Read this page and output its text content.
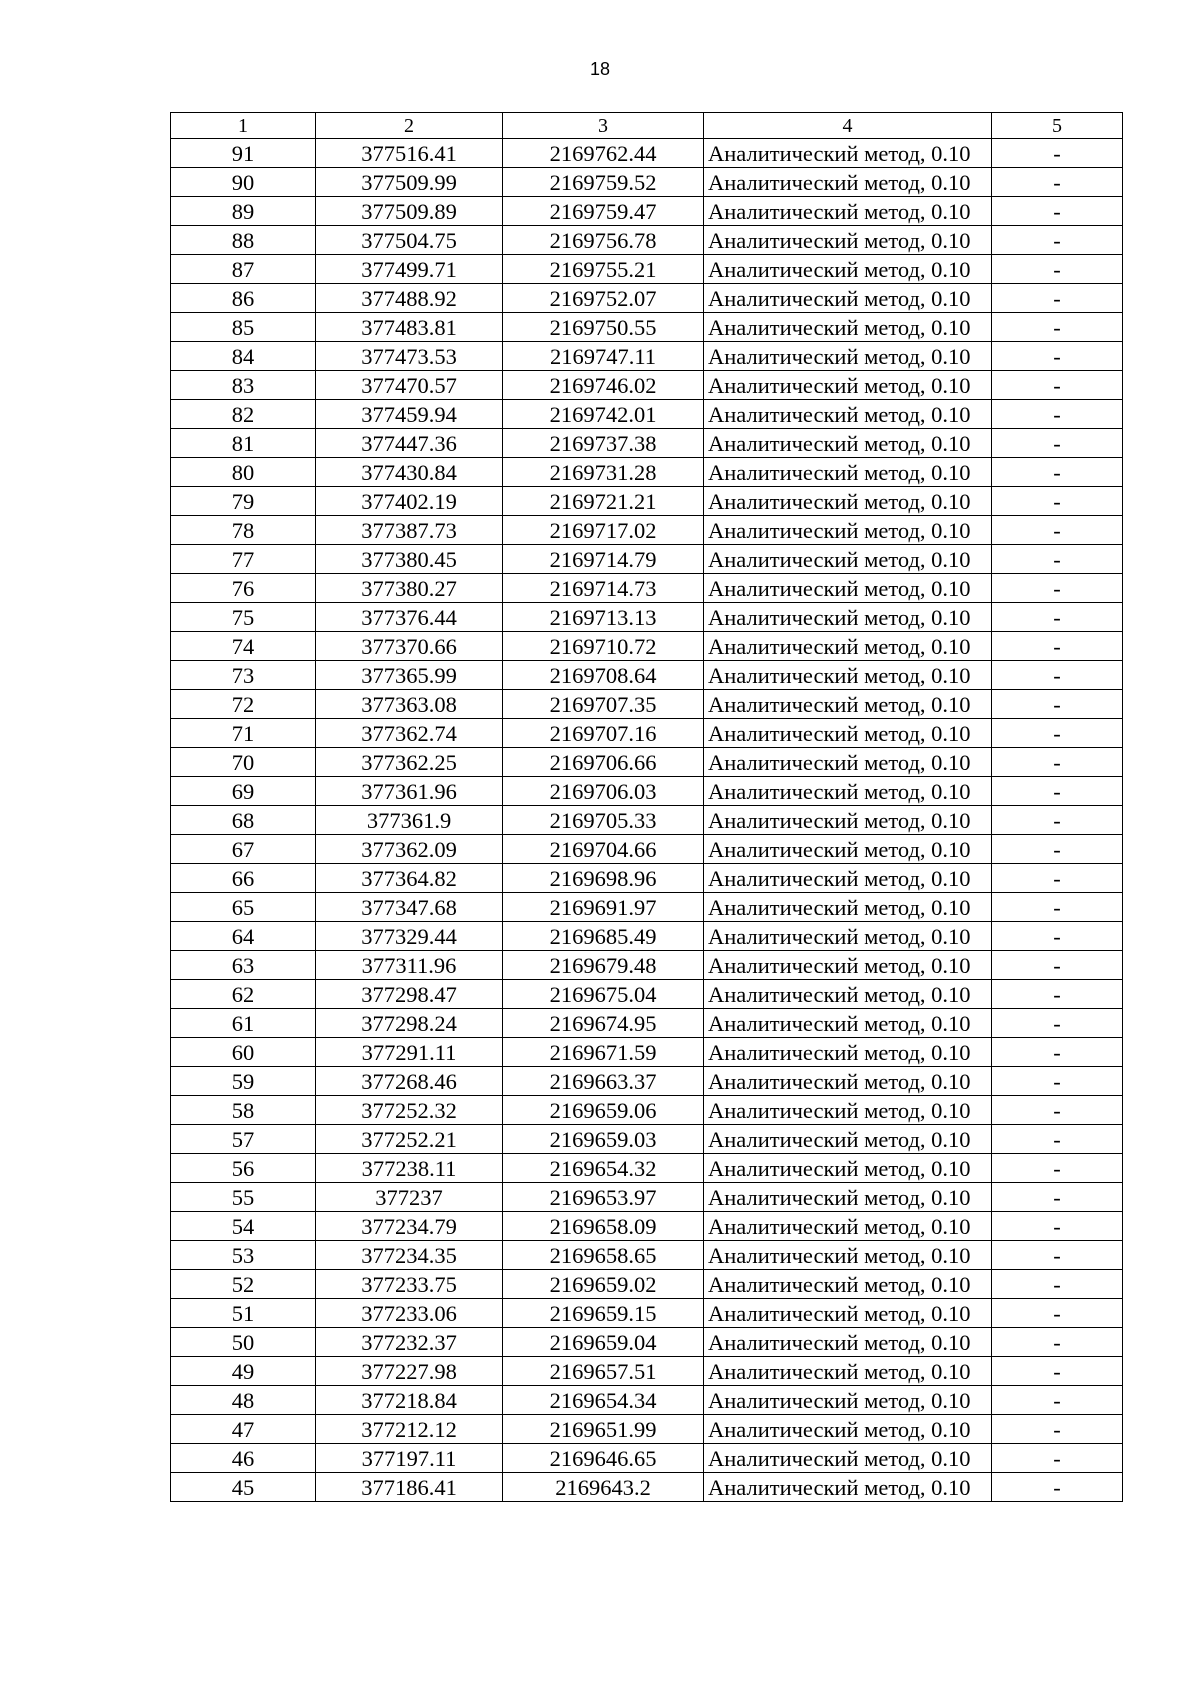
18
1	2	3	4	5
91	377516.41	2169762.44	Аналитический метод, 0.10	-
90	377509.99	2169759.52	Аналитический метод, 0.10	-
89	377509.89	2169759.47	Аналитический метод, 0.10	-
88	377504.75	2169756.78	Аналитический метод, 0.10	-
87	377499.71	2169755.21	Аналитический метод, 0.10	-
86	377488.92	2169752.07	Аналитический метод, 0.10	-
85	377483.81	2169750.55	Аналитический метод, 0.10	-
84	377473.53	2169747.11	Аналитический метод, 0.10	-
83	377470.57	2169746.02	Аналитический метод, 0.10	-
82	377459.94	2169742.01	Аналитический метод, 0.10	-
81	377447.36	2169737.38	Аналитический метод, 0.10	-
80	377430.84	2169731.28	Аналитический метод, 0.10	-
79	377402.19	2169721.21	Аналитический метод, 0.10	-
78	377387.73	2169717.02	Аналитический метод, 0.10	-
77	377380.45	2169714.79	Аналитический метод, 0.10	-
76	377380.27	2169714.73	Аналитический метод, 0.10	-
75	377376.44	2169713.13	Аналитический метод, 0.10	-
74	377370.66	2169710.72	Аналитический метод, 0.10	-
73	377365.99	2169708.64	Аналитический метод, 0.10	-
72	377363.08	2169707.35	Аналитический метод, 0.10	-
71	377362.74	2169707.16	Аналитический метод, 0.10	-
70	377362.25	2169706.66	Аналитический метод, 0.10	-
69	377361.96	2169706.03	Аналитический метод, 0.10	-
68	377361.9	2169705.33	Аналитический метод, 0.10	-
67	377362.09	2169704.66	Аналитический метод, 0.10	-
66	377364.82	2169698.96	Аналитический метод, 0.10	-
65	377347.68	2169691.97	Аналитический метод, 0.10	-
64	377329.44	2169685.49	Аналитический метод, 0.10	-
63	377311.96	2169679.48	Аналитический метод, 0.10	-
62	377298.47	2169675.04	Аналитический метод, 0.10	-
61	377298.24	2169674.95	Аналитический метод, 0.10	-
60	377291.11	2169671.59	Аналитический метод, 0.10	-
59	377268.46	2169663.37	Аналитический метод, 0.10	-
58	377252.32	2169659.06	Аналитический метод, 0.10	-
57	377252.21	2169659.03	Аналитический метод, 0.10	-
56	377238.11	2169654.32	Аналитический метод, 0.10	-
55	377237	2169653.97	Аналитический метод, 0.10	-
54	377234.79	2169658.09	Аналитический метод, 0.10	-
53	377234.35	2169658.65	Аналитический метод, 0.10	-
52	377233.75	2169659.02	Аналитический метод, 0.10	-
51	377233.06	2169659.15	Аналитический метод, 0.10	-
50	377232.37	2169659.04	Аналитический метод, 0.10	-
49	377227.98	2169657.51	Аналитический метод, 0.10	-
48	377218.84	2169654.34	Аналитический метод, 0.10	-
47	377212.12	2169651.99	Аналитический метод, 0.10	-
46	377197.11	2169646.65	Аналитический метод, 0.10	-
45	377186.41	2169643.2	Аналитический метод, 0.10	-
